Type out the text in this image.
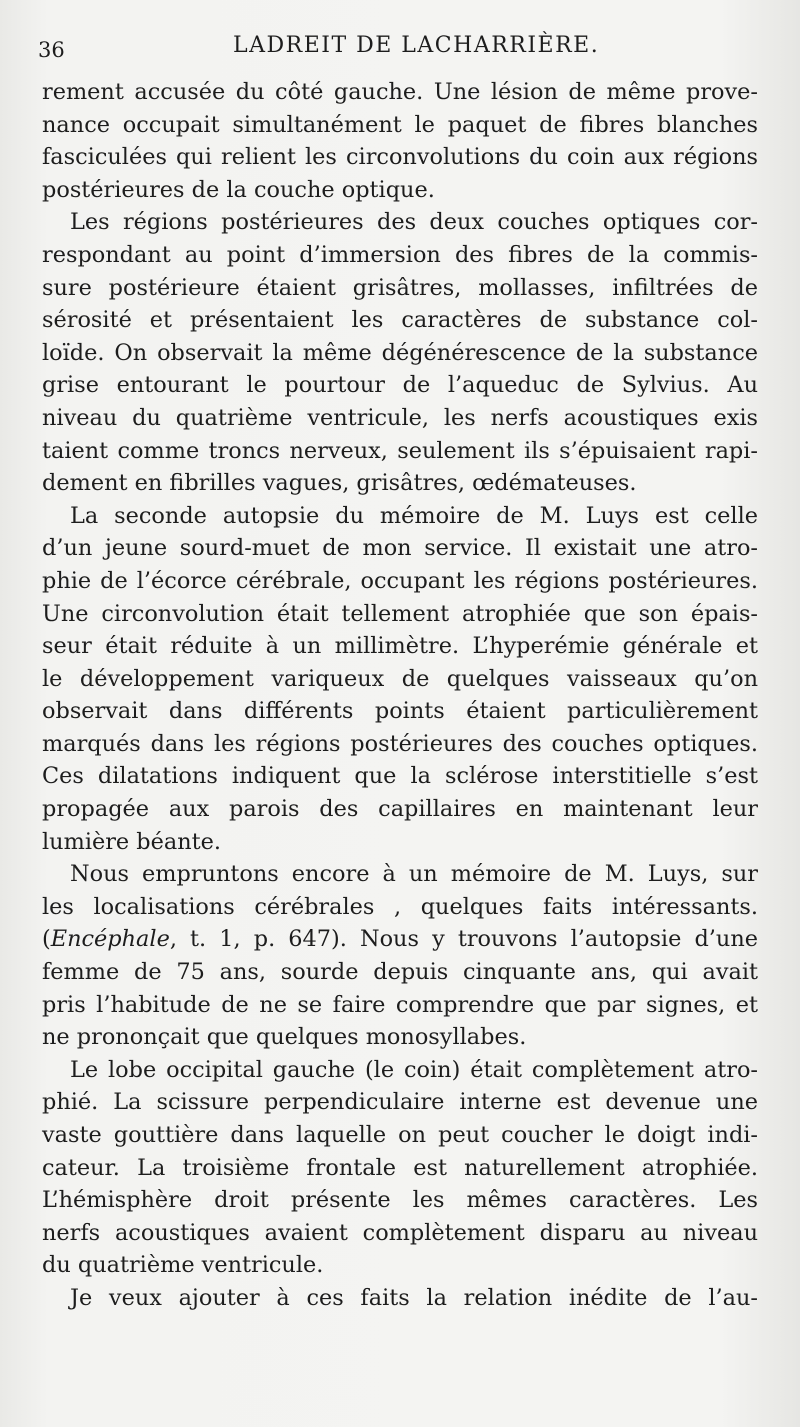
36	LADREIT DE LACHARRIÈRE.
rement accusée du côté gauche. Une lésion de même prove-
nance occupait simultanément le paquet de fibres blanches
fasciculées qui relient les circonvolutions du coin aux régions
postérieures de la couche optique.
Les régions postérieures des deux couches optiques cor-
respondant au point d’immersion des fibres de la commis-
sure postérieure étaient grisâtres, mollasses, infiltrées de
sérosité et présentaient les caractères de substance col-
loïde. On observait la même dégénérescence de la substance
grise entourant le pourtour de l’aqueduc de Sylvius. Au
niveau du quatrième ventricule, les nerfs acoustiques exis
taient comme troncs nerveux, seulement ils s’épuisaient rapi-
dement en fibrilles vagues, grisâtres, œdémateuses.
La seconde autopsie du mémoire de M. Luys est celle
d’un jeune sourd-muet de mon service. Il existait une atro-
phie de l’écorce cérébrale, occupant les régions postérieures.
Une circonvolution était tellement atrophiée que son épais-
seur était réduite à un millimètre. L’hyperémie générale et
le développement variqueux de quelques vaisseaux qu’on
observait dans différents points étaient particulièrement
marqués dans les régions postérieures des couches optiques.
Ces dilatations indiquent que la sclérose interstitielle s’est
propagée aux parois des capillaires en maintenant leur
lumière béante.
Nous empruntons encore à un mémoire de M. Luys, sur
les localisations cérébrales , quelques faits intéressants.
(Encéphale, t. 1, p. 647). Nous y trouvons l’autopsie d’une
femme de 75 ans, sourde depuis cinquante ans, qui avait
pris l’habitude de ne se faire comprendre que par signes, et
ne prononçait que quelques monosyllabes.
Le lobe occipital gauche (le coin) était complètement atro-
phié. La scissure perpendiculaire interne est devenue une
vaste gouttière dans laquelle on peut coucher le doigt indi-
cateur. La troisième frontale est naturellement atrophiée.
L’hémisphère droit présente les mêmes caractères. Les
nerfs acoustiques avaient complètement disparu au niveau
du quatrième ventricule.
Je veux ajouter à ces faits la relation inédite de l’au-
